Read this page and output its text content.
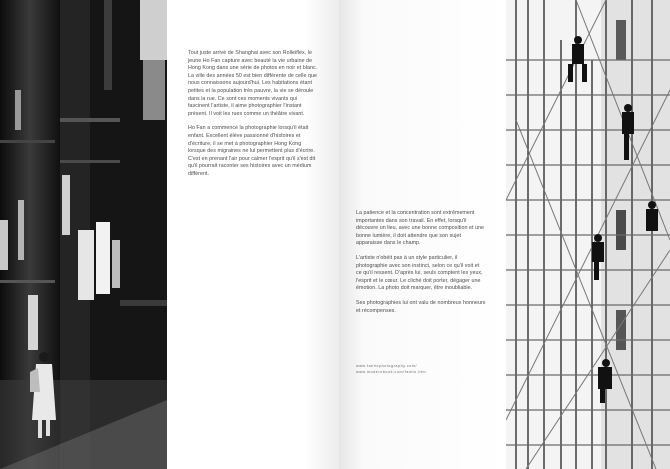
Tout juste arrivé de Shanghai avec son Rolleiflex, le jeune Ho Fan capture avec beauté la vie urbaine de Hong Kong dans une série de photos en noir et blanc. La ville des années 50 est bien différente de celle que nous connaissons aujourd'hui. Les habitations étant petites et la population très pauvre, la vie se déroule dans la rue. Ce sont ces moments vivants qui fascinent l'artiste, il aime photographier l'instant présent. Il voit les rues comme un théâtre vivant.

Ho Fan a commencé la photographie lorsqu'il était enfant. Excellent élève passionné d'histoires et d'écriture, il se met à photographier Hong Kong lorsque des migraines ne lui permettent plus d'écrire. C'est en prenant l'air pour calmer l'esprit qu'il s'est dit qu'il pourrait raconter ses histoires avec un médium différent.

La patience et la concentration sont extrêmement importantes dans son travail. En effet, lorsqu'il découvre un lieu, avec une bonne composition et une bonne lumière, il doit attendre que son sujet apparaisse dans le champ.

L'artiste n'obéit pas à un style particulier, il photographie avec son instinct, selon ce qu'il voit et ce qu'il ressent. D'après lui, seuls comptent les yeux, l'esprit et le cœur. Le cliché doit porter, dégager une émotion. La photo doit marquer, être inoubliable.

Ses photographies lui ont valu de nombreux honneurs et récompenses.

www.fanhophotography.com/
www.modernbook.com/fanho.htm
